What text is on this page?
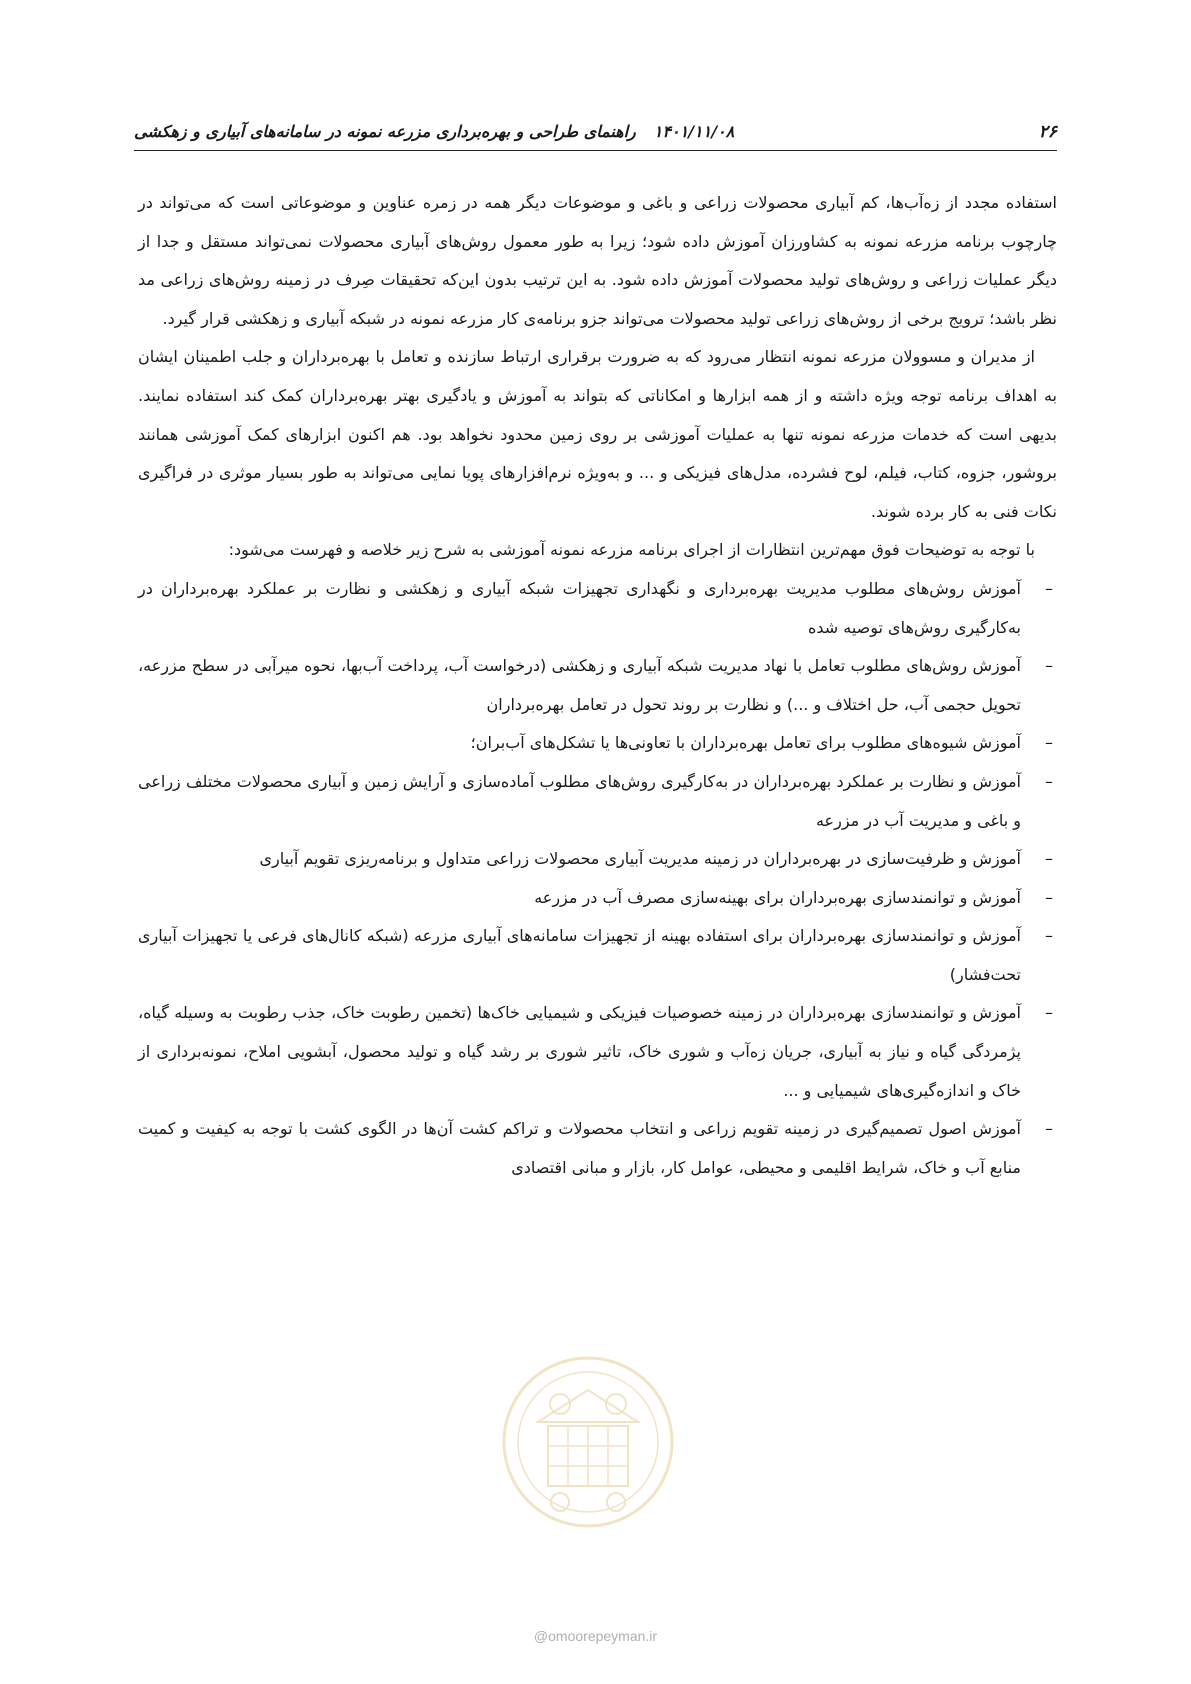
۲۶
۱۴۰۱/۱۱/۰۸راهنمای طراحی و بهره‌برداری مزرعه نمونه در سامانه‌های آبیاری و زهکشی

استفاده مجدد از زه‌آب‌ها، کم آبیاری محصولات زراعی و باغی و موضوعات دیگر همه در زمره عناوین و موضوعاتی است که می‌تواند در چارچوب برنامه مزرعه نمونه به کشاورزان آموزش داده شود؛ زیرا به طور معمول روش‌های آبیاری محصولات نمی‌تواند مستقل و جدا از دیگر عملیات زراعی و روش‌های تولید محصولات آموزش داده شود. به این ترتیب بدون این‌که تحقیقات صِرف در زمینه روش‌های زراعی مد نظر باشد؛ ترویج برخی از روش‌های زراعی تولید محصولات می‌تواند جزو برنامه‌ی کار مزرعه نمونه در شبکه آبیاری و زهکشی قرار گیرد.

از مدیران و مسوولان مزرعه نمونه انتظار می‌رود که به ضرورت برقراری ارتباط سازنده و تعامل با بهره‌برداران و جلب اطمینان ایشان به اهداف برنامه توجه ویژه داشته و از همه ابزارها و امکاناتی که بتواند به آموزش و یادگیری بهتر بهره‌برداران کمک کند استفاده نمایند. بدیهی است که خدمات مزرعه نمونه تنها به عملیات آموزشی بر روی زمین محدود نخواهد بود. هم اکنون ابزارهای کمک آموزشی همانند بروشور، جزوه، کتاب، فیلم، لوح فشرده، مدل‌های فیزیکی و ... و به‌ویژه نرم‌افزارهای پویا نمایی می‌تواند به طور بسیار موثری در فراگیری نکات فنی به کار برده شوند.

با توجه به توضیحات فوق مهم‌ترین انتظارات از اجرای برنامه مزرعه نمونه آموزشی به شرح زیر خلاصه و فهرست می‌شود:

–
آموزش روش‌های مطلوب مدیریت بهره‌برداری و نگهداری تجهیزات شبکه آبیاری و زهکشی و نظارت بر عملکرد بهره‌برداران در به‌کارگیری روش‌های توصیه شده
–
آموزش روش‌های مطلوب تعامل با نهاد مدیریت شبکه آبیاری و زهکشی (درخواست آب، پرداخت آب‌بها، نحوه میرآبی در سطح مزرعه، تحویل حجمی آب، حل اختلاف و ...) و نظارت بر روند تحول در تعامل بهره‌برداران
–
آموزش شیوه‌های مطلوب برای تعامل بهره‌برداران با تعاونی‌ها یا تشکل‌های آب‌بران؛
–
آموزش و نظارت بر عملکرد بهره‌برداران در به‌کارگیری روش‌های مطلوب آماده‌سازی و آرایش زمین و آبیاری محصولات مختلف زراعی و باغی و مدیریت آب در مزرعه
–
آموزش و ظرفیت‌سازی در بهره‌برداران در زمینه مدیریت آبیاری محصولات زراعی متداول و برنامه‌ریزی تقویم آبیاری
–
آموزش و توانمندسازی بهره‌برداران برای بهینه‌سازی مصرف آب در مزرعه
–
آموزش و توانمندسازی بهره‌برداران برای استفاده بهینه از تجهیزات سامانه‌های آبیاری مزرعه (شبکه کانال‌های فرعی یا تجهیزات آبیاری تحت‌فشار)
–
آموزش و توانمندسازی بهره‌برداران در زمینه خصوصیات فیزیکی و شیمیایی خاک‌ها (تخمین رطوبت خاک، جذب رطوبت به وسیله گیاه، پژمردگی گیاه و نیاز به آبیاری، جریان زه‌آب و شوری خاک، تاثیر شوری بر رشد گیاه و تولید محصول، آبشویی املاح، نمونه‌برداری از خاک و اندازه‌گیری‌های شیمیایی و ...
–
آموزش اصول تصمیم‌گیری در زمینه تقویم زراعی و انتخاب محصولات و تراکم کشت آن‌ها در الگوی کشت با توجه به کیفیت و کمیت منابع آب و خاک، شرایط اقلیمی و محیطی، عوامل کار، بازار و مبانی اقتصادی
@omoorepeyman.ir
